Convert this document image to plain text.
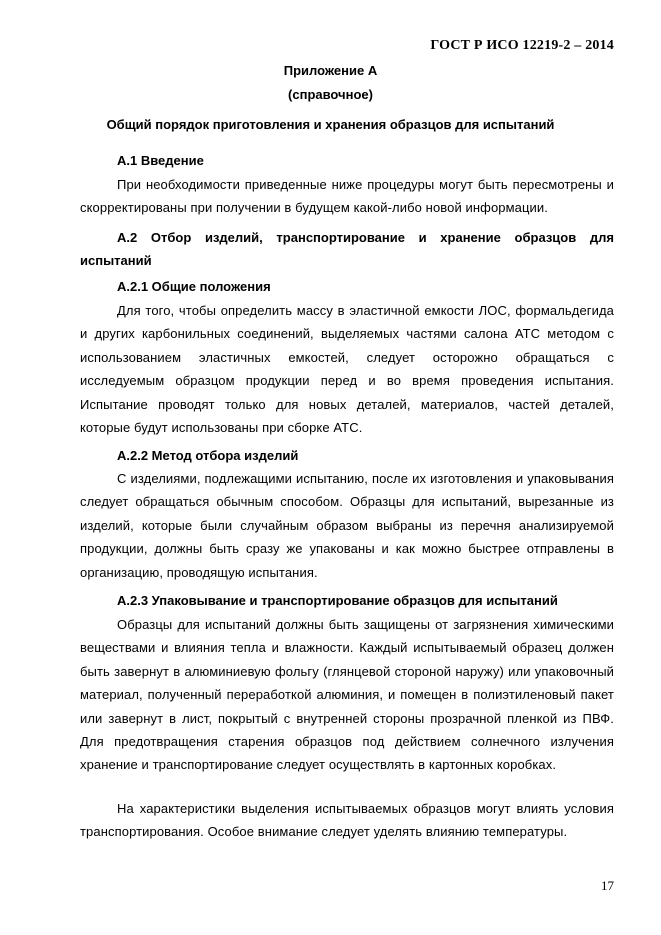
ГОСТ Р ИСО 12219-2 – 2014
Приложение А
(справочное)
Общий порядок приготовления и хранения образцов для испытаний
А.1 Введение
При необходимости приведенные ниже процедуры могут быть пересмотрены и скорректированы при получении в будущем какой-либо новой информации.
А.2 Отбор изделий, транспортирование и хранение образцов для испытаний
А.2.1 Общие положения
Для того, чтобы определить массу в эластичной емкости ЛОС, формальдегида и других карбонильных соединений, выделяемых частями салона АТС методом с использованием эластичных емкостей, следует осторожно обращаться с исследуемым образцом продукции перед и во время проведения испытания. Испытание проводят только для новых деталей, материалов, частей деталей, которые будут использованы при сборке АТС.
А.2.2 Метод отбора изделий
С изделиями, подлежащими испытанию, после их изготовления и упаковывания следует обращаться обычным способом. Образцы для испытаний, вырезанные из изделий, которые были случайным образом выбраны из перечня анализируемой продукции, должны быть сразу же упакованы и как можно быстрее отправлены в организацию, проводящую испытания.
А.2.3 Упаковывание и транспортирование образцов для испытаний
Образцы для испытаний должны быть защищены от загрязнения химическими веществами и влияния тепла и влажности. Каждый испытываемый образец должен быть завернут в алюминиевую фольгу (глянцевой стороной наружу) или упаковочный материал, полученный переработкой алюминия, и помещен в полиэтиленовый пакет или завернут в лист, покрытый с внутренней стороны прозрачной пленкой из ПВФ. Для предотвращения старения образцов под действием солнечного излучения хранение и транспортирование следует осуществлять в картонных коробках.
На характеристики выделения испытываемых образцов могут влиять условия транспортирования. Особое внимание следует уделять влиянию температуры.
17
